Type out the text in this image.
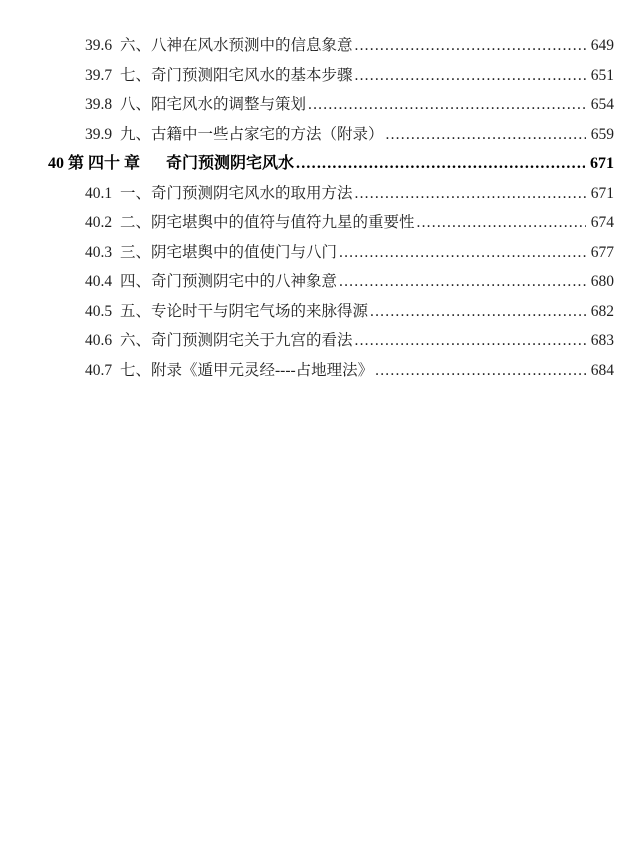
39.6 六、八神在风水预测中的信息象意 .....	649
39.7 七、奇门预测阳宅风水的基本步骤 .....	651
39.8 八、阳宅风水的调整与策划 .....	654
39.9 九、古籍中一些占家宅的方法（附录） .....	659
40 第 四十 章 奇门预测阴宅风水 .....	671
40.1 一、奇门预测阴宅风水的取用方法 .....	671
40.2 二、阴宅堪舆中的值符与值符九星的重要性 .....	674
40.3 三、阴宅堪舆中的值使门与八门 .....	677
40.4 四、奇门预测阴宅中的八神象意 .....	680
40.5 五、专论时干与阴宅气场的来脉得源 .....	682
40.6 六、奇门预测阴宅关于九宫的看法 .....	683
40.7 七、附录《遁甲元灵经----占地理法》 .....	684
